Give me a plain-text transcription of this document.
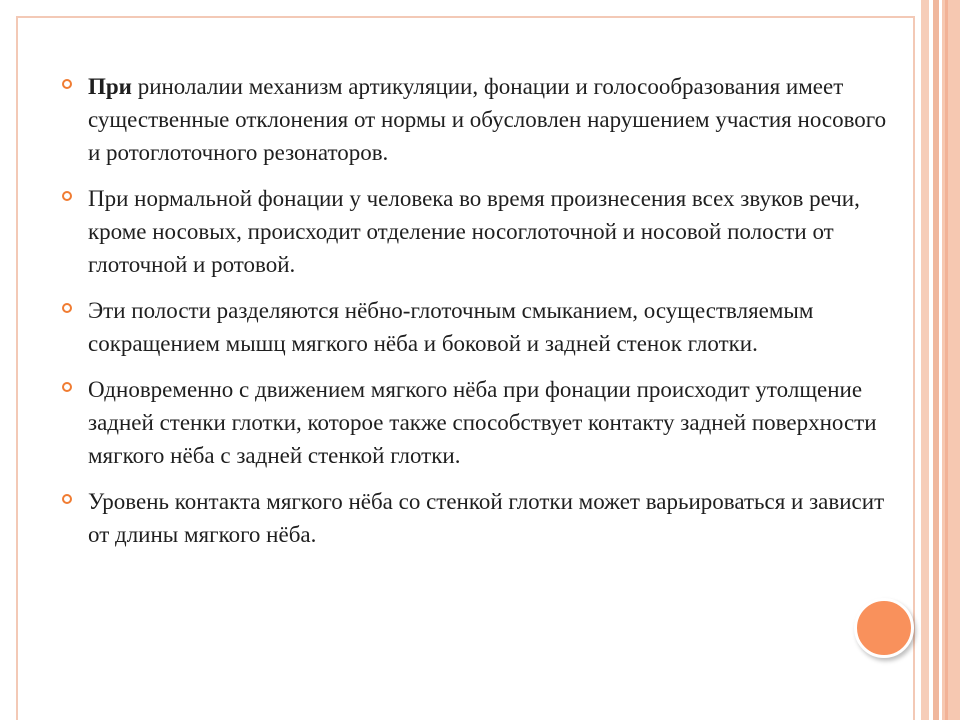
При ринолалии механизм артикуляции, фонации и голосообразования имеет существенные отклонения от нормы и обусловлен нарушением участия носового и ротоглоточного резонаторов.
При нормальной фонации у человека во время произнесения всех звуков речи, кроме носовых, происходит отделение носоглоточной и носовой полости от глоточной и ротовой.
Эти полости разделяются нёбно-глоточным смыканием, осуществляемым сокращением мышц мягкого нёба и боковой и задней стенок глотки.
Одновременно с движением мягкого нёба при фонации происходит утолщение задней стенки глотки, которое также способствует контакту задней поверхности мягкого нёба с задней стенкой глотки.
Уровень контакта мягкого нёба со стенкой глотки может варьироваться и зависит от длины мягкого нёба.
